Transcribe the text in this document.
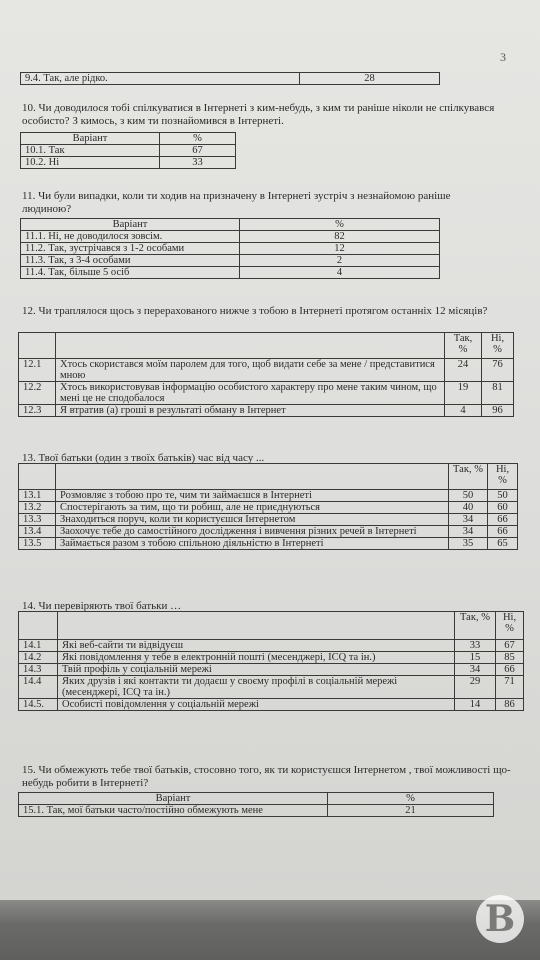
3
9.4. Так, але рідко.	28
10. Чи доводилося тобі спілкуватися в Інтернеті з ким-небудь, з ким ти раніше ніколи не спілкувався особисто? З кимось, з ким ти познайомився в Інтернеті.
Варіант	%
10.1. Так	67
10.2. Ні	33
11. Чи були випадки, коли ти ходив на призначену в Інтернеті зустріч з незнайомою раніше людиною?
Варіант	%
11.1. Ні, не доводилося зовсім.	82
11.2. Так, зустрічався з 1-2 особами	12
11.3. Так, з 3-4 особами	2
11.4. Так, більше 5 осіб	4
12. Чи траплялося щось з перерахованого нижче з тобою в Інтернеті протягом останніх 12 місяців?
		Так, %	Ні, %
12.1	Хтось скористався моїм паролем для того, щоб видати себе за мене / представитися мною	24	76
12.2	Хтось використовував інформацію особистого характеру про мене таким чином, що мені це не сподобалося	19	81
12.3	Я втратив (а) гроші в результаті обману в Інтернет	4	96
13. Твої батьки (один з твоїх батьків) час від часу ...
		Так, %	Ні, %
13.1	Розмовляє з тобою про те, чим ти займаєшся в Інтернеті	50	50
13.2	Спостерігають за тим, що ти робиш, але не приєднуються	40	60
13.3	Знаходиться поруч, коли ти користуєшся Інтернетом	34	66
13.4	Заохочує тебе до самостійного дослідження і вивчення різних речей в Інтернеті	34	66
13.5	Займається разом з тобою спільною діяльністю в Інтернеті	35	65
14. Чи перевіряють твої батьки …
		Так, %	Ні, %
14.1	Які веб-сайти ти відвідуєш	33	67
14.2	Які повідомлення у тебе в електронній пошті (месенджері, ICQ та ін.)	15	85
14.3	Твій профіль у соціальній мережі	34	66
14.4	Яких друзів і які контакти ти додаєш у своєму профілі в соціальній мережі (месенджері, ICQ та ін.)	29	71
14.5.	Особисті повідомлення у соціальній мережі	14	86
15. Чи обмежують тебе твої батьків, стосовно того, як ти користуєшся Інтернетом , твої можливості що-небудь робити в Інтернеті?
Варіант	%
15.1. Так, мої батьки часто/постійно обмежують мене	21
В
